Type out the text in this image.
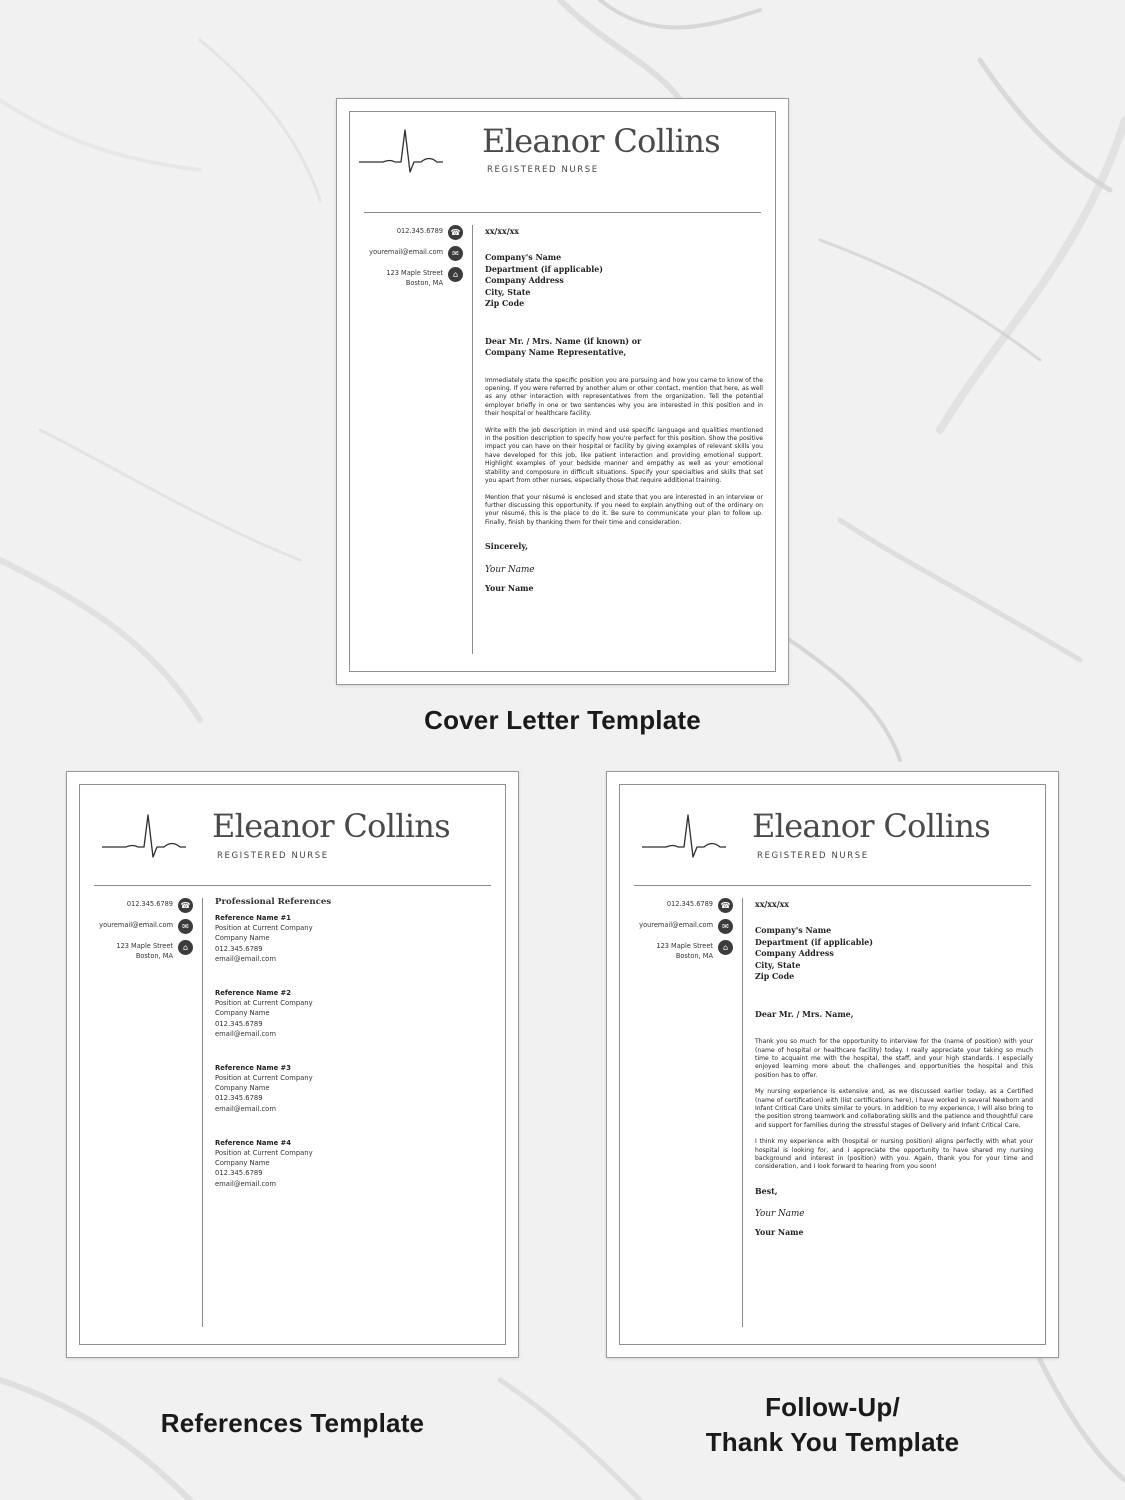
Eleanor Collins
REGISTERED NURSE
012.345.6789 ☎
youremail@email.com	✉
123 Maple Street
Boston, MA
⌂
xx/xx/xx
Company's Name
Department (if applicable)
Company Address
City, State
Zip Code
Dear Mr. / Mrs. Name (if known) or
Company Name Representative,

Immediately state the specific position you are pursuing and how you came to know of the opening. If you were referred by another alum or other contact, mention that here, as well as any other interaction with representatives from the organization. Tell the potential employer briefly in one or two sentences why you are interested in this position and in their hospital or healthcare facility.

Write with the job description in mind and use specific language and qualities mentioned in the position description to specify how you're perfect for this position. Show the positive impact you can have on their hospital or facility by giving examples of relevant skills you have developed for this job, like patient interaction and providing emotional support. Highlight examples of your bedside manner and empathy as well as your emotional stability and composure in difficult situations. Specify your specialties and skills that set you apart from other nurses, especially those that require additional training.

Mention that your résumé is enclosed and state that you are interested in an interview or further discussing this opportunity. If you need to explain anything out of the ordinary on your résumé, this is the place to do it. Be sure to communicate your plan to follow up. Finally, finish by thanking them for their time and consideration.

Sincerely,
Your Name
Your Name
Eleanor Collins
REGISTERED NURSE
012.345.6789 ☎
youremail@email.com	✉
123 Maple Street
Boston, MA
⌂
Professional References
Reference Name #1
Position at Current Company
Company Name
012.345.6789
email@email.com
Reference Name #2
Position at Current Company
Company Name
012.345.6789
email@email.com
Reference Name #3
Position at Current Company
Company Name
012.345.6789
email@email.com
Reference Name #4
Position at Current Company
Company Name
012.345.6789
email@email.com
Eleanor Collins
REGISTERED NURSE
012.345.6789 ☎
youremail@email.com	✉
123 Maple Street
Boston, MA
⌂
xx/xx/xx
Company's Name
Department (if applicable)
Company Address
City, State
Zip Code
Dear Mr. / Mrs. Name,

Thank you so much for the opportunity to interview for the (name of position) with your (name of hospital or healthcare facility) today. I really appreciate your taking so much time to acquaint me with the hospital, the staff, and your high standards. I especially enjoyed learning more about the challenges and opportunities the hospital and this position has to offer.

My nursing experience is extensive and, as we discussed earlier today, as a Certified (name of certification) with (list certifications here), I have worked in several Newborn and Infant Critical Care Units similar to yours. In addition to my experience, I will also bring to the position strong teamwork and collaborating skills and the patience and thoughtful care and support for families during the stressful stages of Delivery and Infant Critical Care.

I think my experience with (hospital or nursing position) aligns perfectly with what your hospital is looking for, and I appreciate the opportunity to have shared my nursing background and interest in (position) with you. Again, thank you for your time and consideration, and I look forward to hearing from you soon!

Best,
Your Name
Your Name
Cover Letter Template
References Template
Follow-Up/
Thank You Template
